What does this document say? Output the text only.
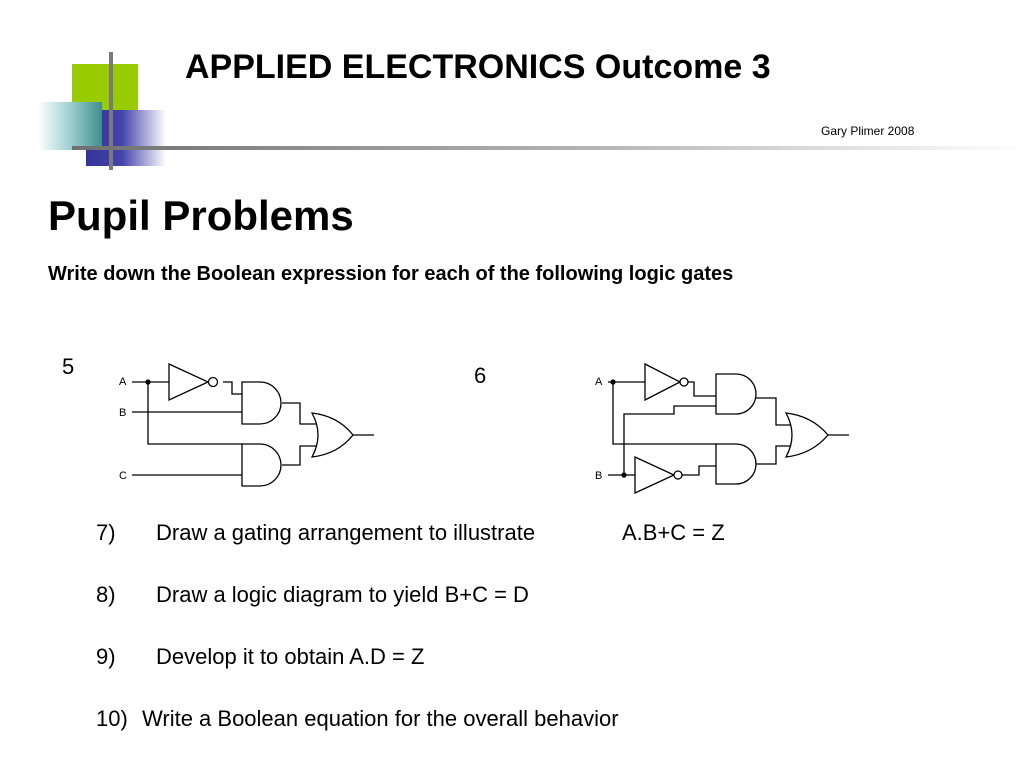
APPLIED ELECTRONICS Outcome 3
Gary Plimer 2008
Pupil Problems
Write down the Boolean expression for each of the following logic gates
5	6
A
B
C
A
B
7) Draw a gating arrangement to illustrate	A.B+C = Z
8) Draw a logic diagram to yield B+C = D
9) Develop it to obtain A.D = Z
10) Write a Boolean equation for the overall behavior
